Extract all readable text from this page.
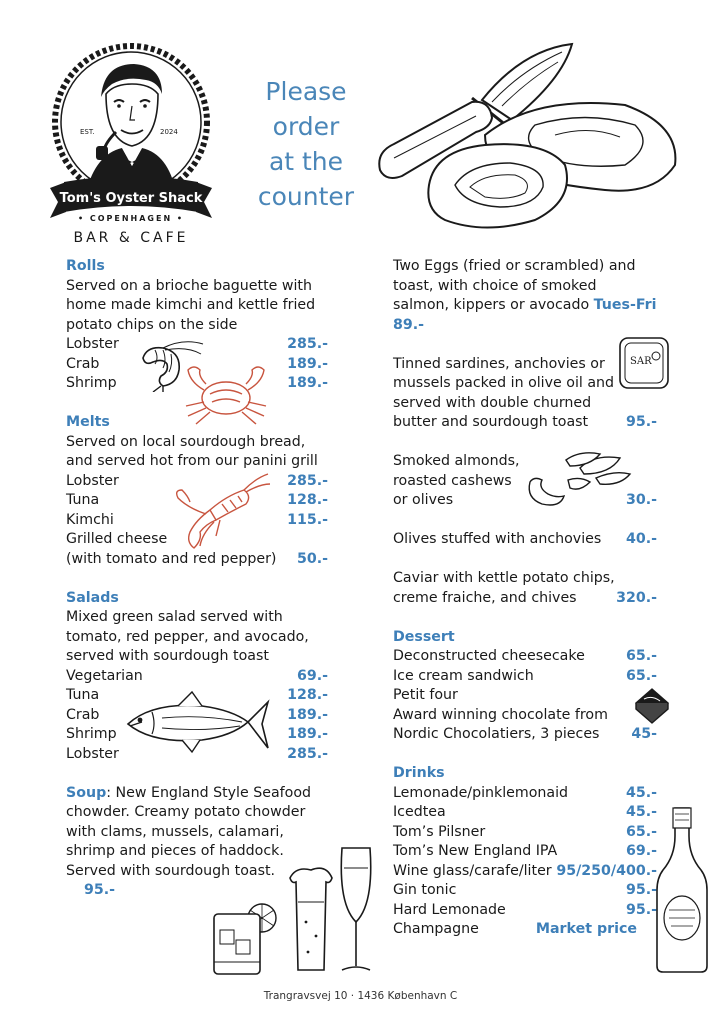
EST.	2024
Tom's Oyster Shack
• COPENHAGEN •
BAR & CAFE
Please
order
at the
counter
Rolls
Served on a brioche baguette with home made kimchi and kettle fried potato chips on the side
Lobster	285.-
Crab	189.-
Shrimp	189.-
Melts
Served on local sourdough bread, and served hot from our panini grill
Lobster	285.-
Tuna	128.-
Kimchi	115.-
Grilled cheese
(with tomato and red pepper) 50.-
Salads
Mixed green salad served with tomato, red pepper, and avocado, served with sourdough toast
Vegetarian	69.-
Tuna	128.-
Crab	189.-
Shrimp	189.-
Lobster	285.-
Soup: New England Style Seafood chowder. Creamy potato chowder with clams, mussels, calamari, shrimp and pieces of haddock. Served with sourdough toast. 95.-
Two Eggs (fried or scrambled) and toast, with choice of smoked salmon, kippers or avocado Tues-Fri
89.-
Tinned sardines, anchovies or mussels packed in olive oil and served with double churned butter and sourdough toast	95.-
Smoked almonds,
roasted cashews
or olives	30.-
Olives stuffed with anchovies 40.-
Caviar with kettle potato chips,
creme fraiche, and chives	320.-
Dessert
Deconstructed cheesecake	65.-
Ice cream sandwich	65.-
Petit four
Award winning chocolate from
Nordic Chocolatiers, 3 pieces 45-
Drinks
Lemonade/pinklemonaid	45.-
Icedtea	45.-
Tom’s Pilsner	65.-
Tom’s New England IPA	69.-
Wine glass/carafe/liter 95/250/400.-
Gin tonic	95.-
Hard Lemonade	95.-
Champagne	Market price
SAR
Trangravsvej 10 · 1436 København C
